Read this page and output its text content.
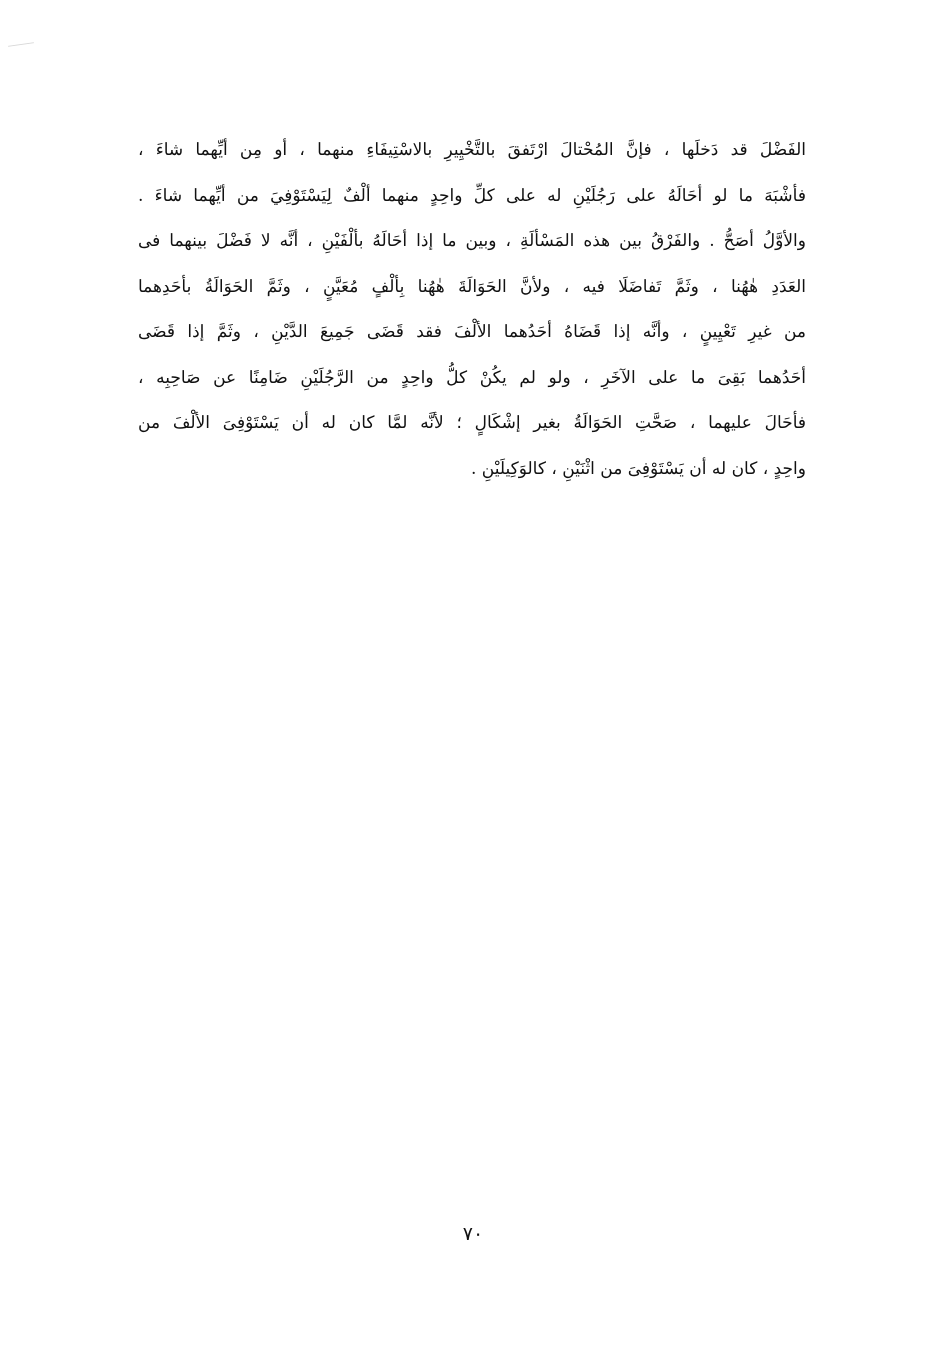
الفَضْلَ قد دَخلَها ، فإنَّ المُحْتالَ ارْتَفقَ بالتَّخْيِيرِ بالاسْتِيفَاءِ منهما ، أو مِن أيِّهما شاءَ ،
فأشْبَهَ ما لو أحَالَهُ على رَجُلَيْنِ له على كلِّ واحِدٍ منهما ألْفٌ لِيَسْتَوْفِيَ من أيِّهما شاءَ .
والأوَّلُ أصَحُّ . والفَرْقُ بين هذه المَسْألَةِ ، وبين ما إذا أحَالَهُ بألْفَيْنِ ، أنَّه لا فَضْلَ بينهما فى
العَدَدِ هٰهُنا ، وثَمَّ تَفاضَلَا فيه ، ولأنَّ الحَوَالَةَ هٰهُنا بِألْفٍ مُعَيَّنٍ ، وثَمَّ الحَوَالَةُ بأحَدِهما
من غيرِ تَعْيِينٍ ، وأنَّه إذا قَضَاهُ أحَدُهما الألْفَ فقد قَضَى جَمِيعَ الدَّيْنِ ، وثَمَّ إذا قَضَى
أحَدُهما بَقِىَ ما على الآخَرِ ، ولو لم يكُنْ كلُّ واحِدٍ من الرَّجُلَيْنِ ضَامِنًا عن صَاحِبِه ،
فأحَالَ عليهما ، صَحَّتِ الحَوَالَةُ بغير إشْكَالٍ ؛ لأنَّه لمَّا كان له أن يَسْتَوْفِىَ الألْفَ من
واحِدٍ ، كان له أن يَسْتَوْفِىَ من اثْنَيْنِ ، كالوَكِيلَيْنِ .
٧٠
